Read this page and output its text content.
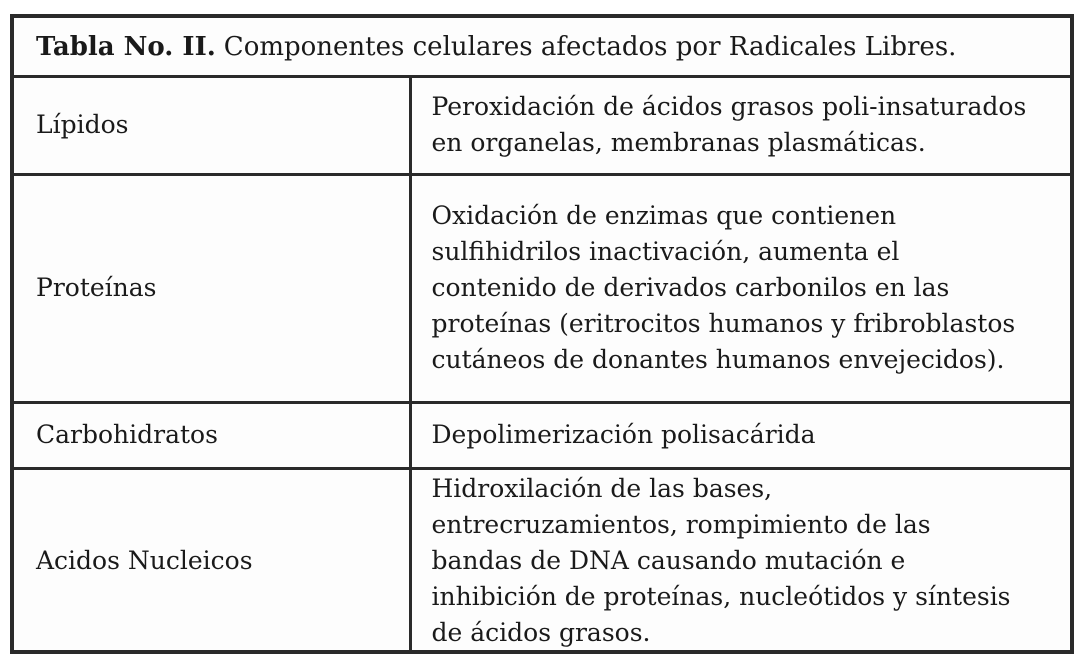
Tabla No. II. Componentes celulares afectados por Radicales Libres.
Lípidos	Peroxidación de ácidos grasos poli-insaturados
en organelas, membranas plasmáticas.

Proteínas	Oxidación de enzimas que contienen
sulfihidrilos inactivación, aumenta el
contenido de derivados carbonilos en las
proteínas (eritrocitos humanos y fribroblastos
cutáneos de donantes humanos envejecidos).

Carbohidratos	Depolimerización polisacárida

Acidos Nucleicos	Hidroxilación de las bases,
entrecruzamientos, rompimiento de las
bandas de DNA causando mutación e
inhibición de proteínas, nucleótidos y síntesis
de ácidos grasos.
